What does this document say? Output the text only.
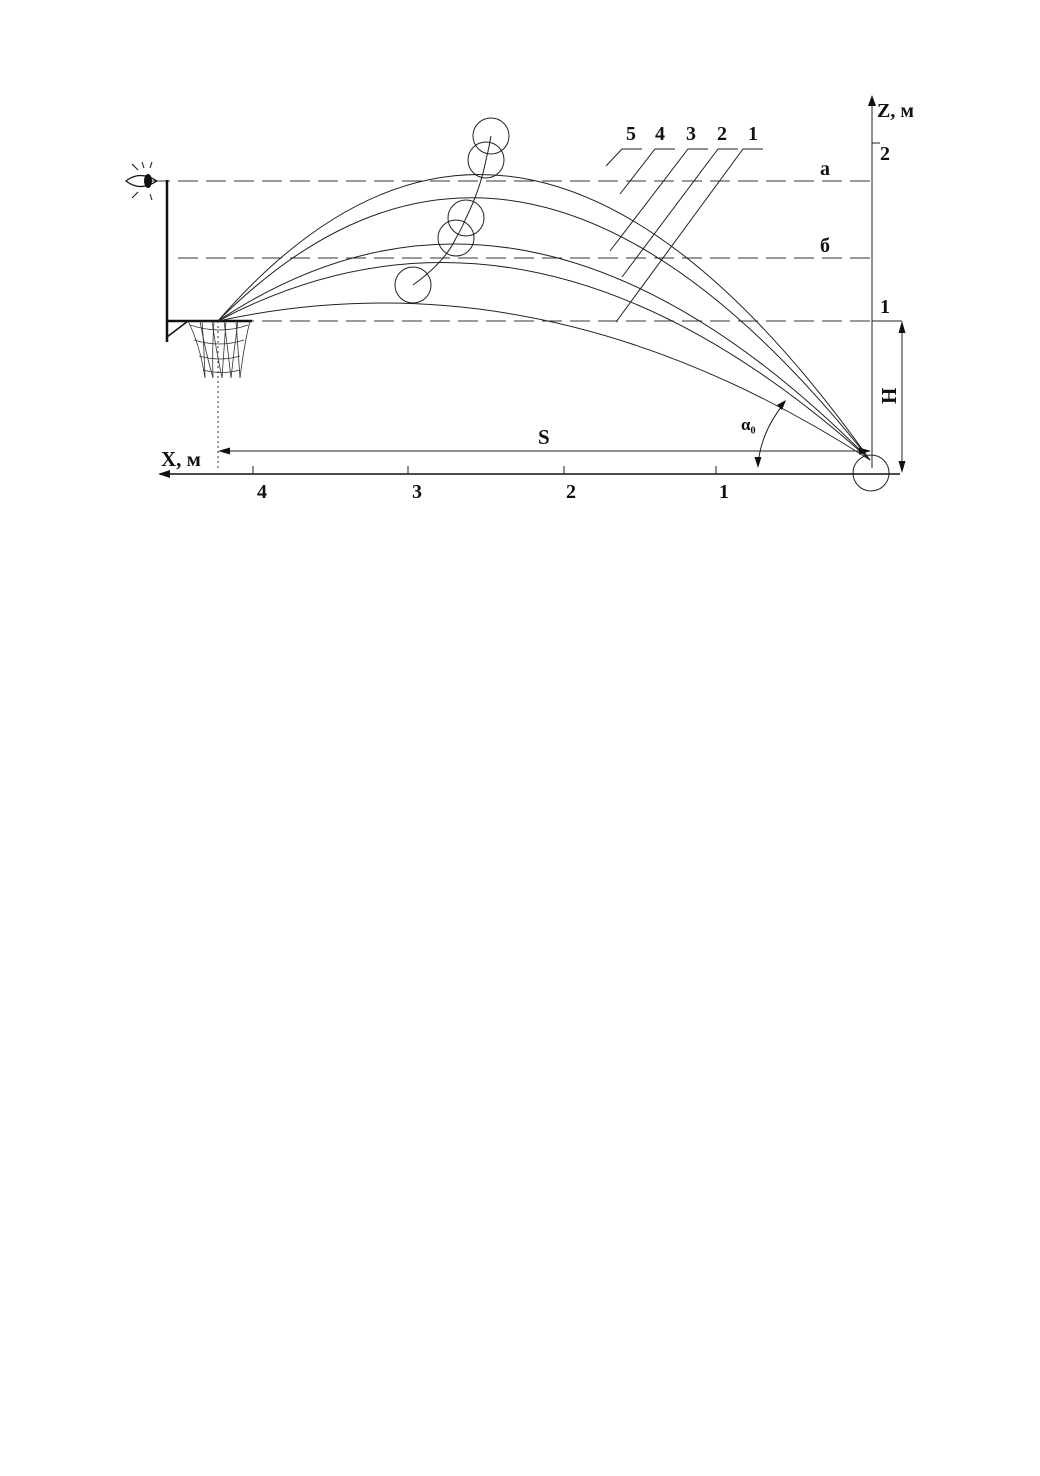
5 4 3 2 1
а
б
Z, м
2
1
X, м
4	3	2	1
S
H
α₀
